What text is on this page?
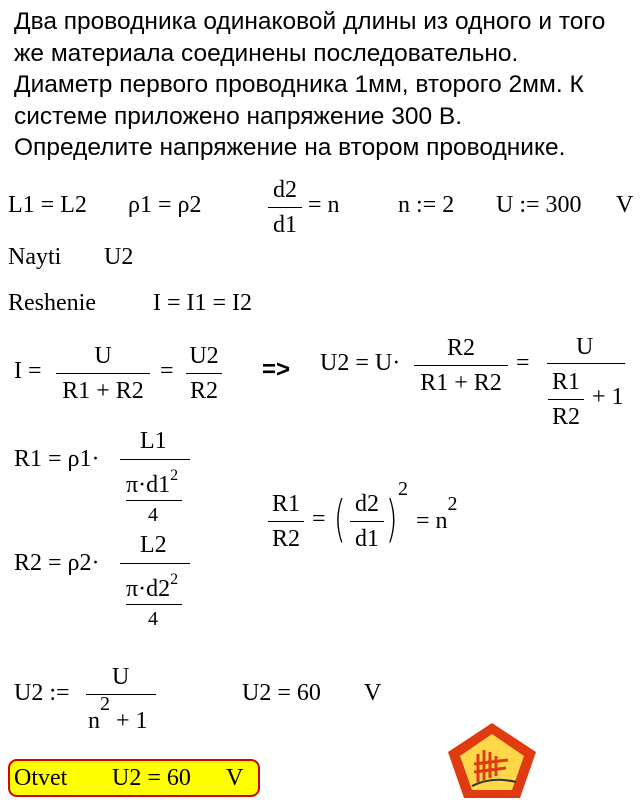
Два проводника одинаковой длины из одного и того
же материала соединены последовательно.
Диаметр первого проводника 1мм, второго 2мм. К
системе приложено напряжение 300 В.
Определите напряжение на втором проводнике.
L1 = L2 ρ1 = ρ2
d2
d1
= n n := 2 U := 300 V
Nayti U2
Reshenie I = I1 = I2
I =
U
R1 + R2
=
U2
R2
=> U2 = U·
R2
R1 + R2
=
U
R1
R2
+ 1
R1 = ρ1·
L1
$\pi\cdot d1^2$
4	R1
R2
= ( d2
d1 )
2
= $n^2$
R2 = ρ2·
L2
$\pi\cdot d2^2$
4
U2 :=
U
$n^2 + 1$
U2 = 60 V
Otvet U2 = 60 V
